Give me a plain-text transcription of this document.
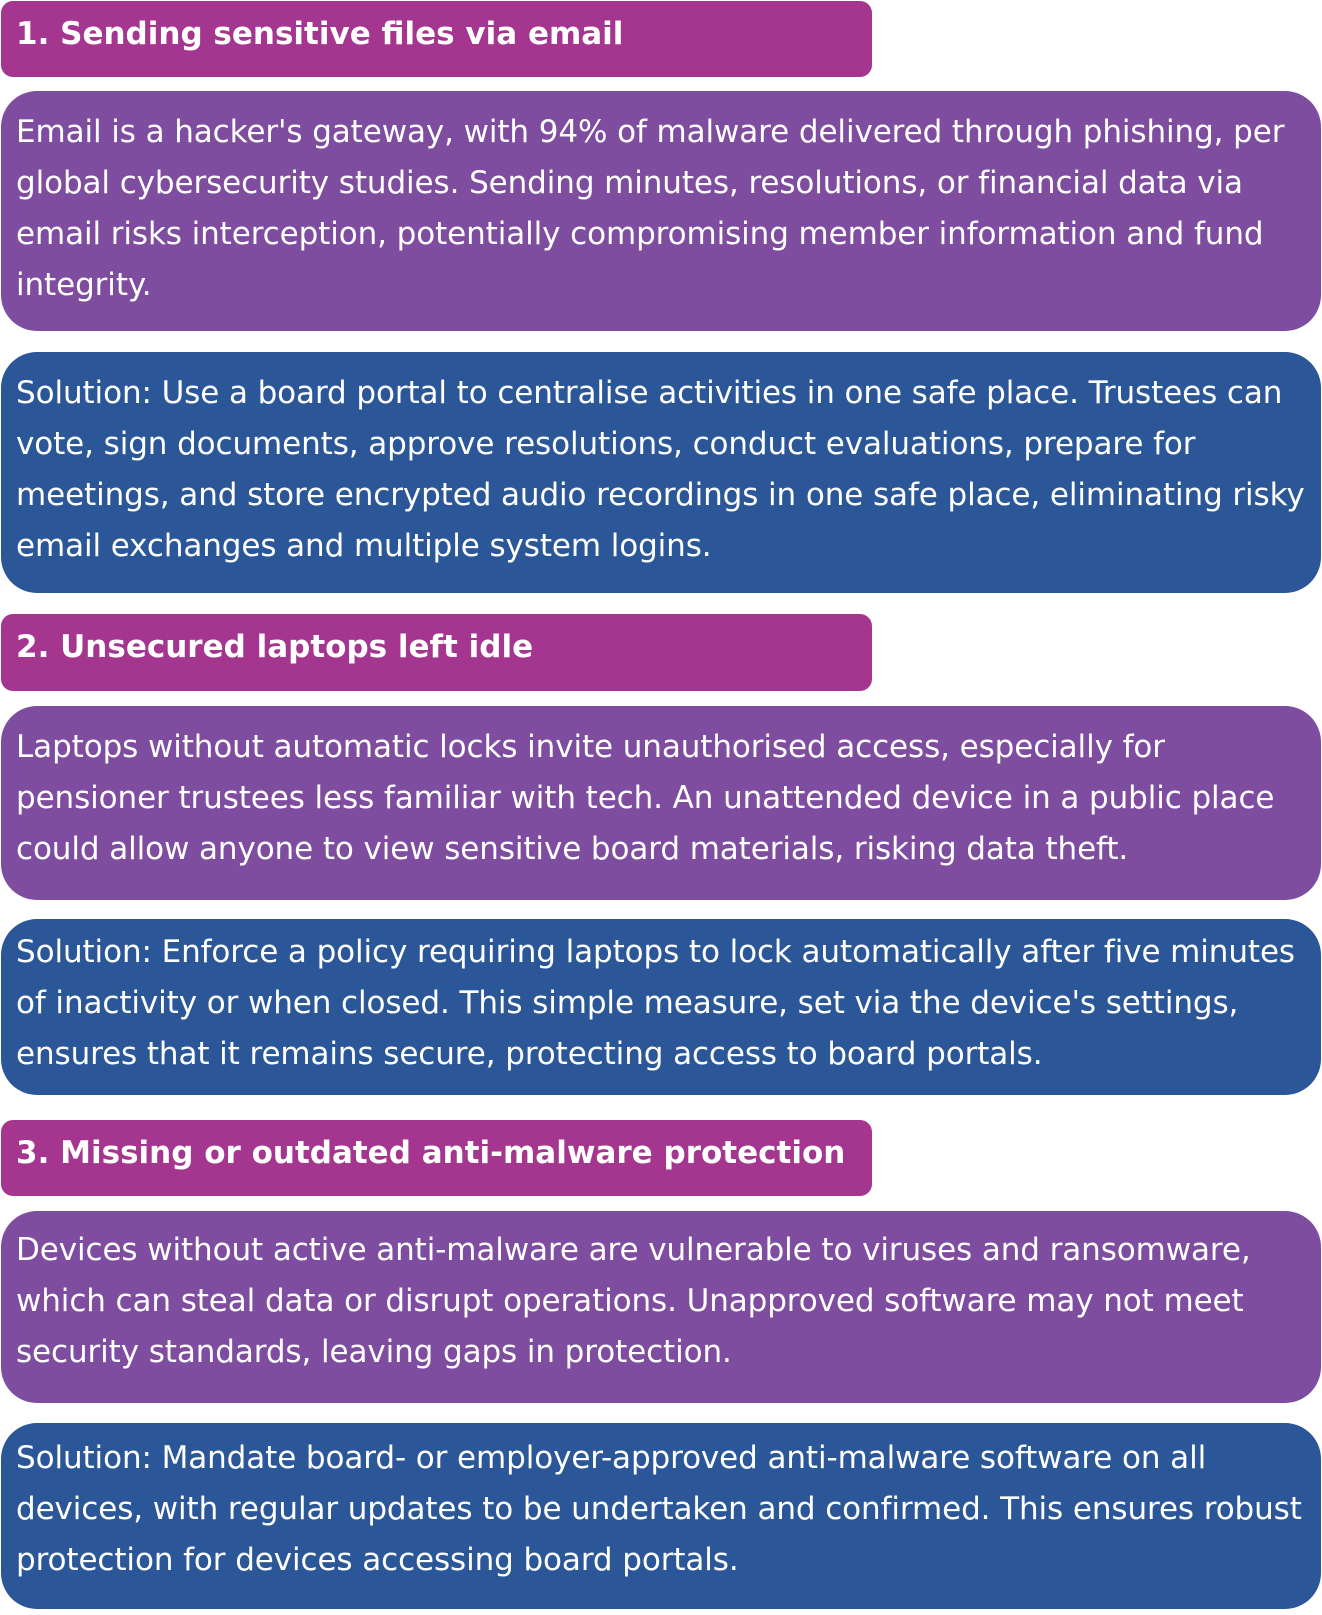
1. Sending sensitive files via email
Email is a hacker's gateway, with 94% of malware delivered through phishing, per global cybersecurity studies. Sending minutes, resolutions, or financial data via email risks interception, potentially compromising member information and fund integrity.
Solution: Use a board portal to centralise activities in one safe place. Trustees can vote, sign documents, approve resolutions, conduct evaluations, prepare for meetings, and store encrypted audio recordings in one safe place, eliminating risky email exchanges and multiple system logins.
2. Unsecured laptops left idle
Laptops without automatic locks invite unauthorised access, especially for pensioner trustees less familiar with tech. An unattended device in a public place could allow anyone to view sensitive board materials, risking data theft.
Solution: Enforce a policy requiring laptops to lock automatically after five minutes of inactivity or when closed. This simple measure, set via the device's settings, ensures that it remains secure, protecting access to board portals.
3. Missing or outdated anti-malware protection
Devices without active anti-malware are vulnerable to viruses and ransomware, which can steal data or disrupt operations. Unapproved software may not meet security standards, leaving gaps in protection.
Solution: Mandate board- or employer-approved anti-malware software on all devices, with regular updates to be undertaken and confirmed. This ensures robust protection for devices accessing board portals.
